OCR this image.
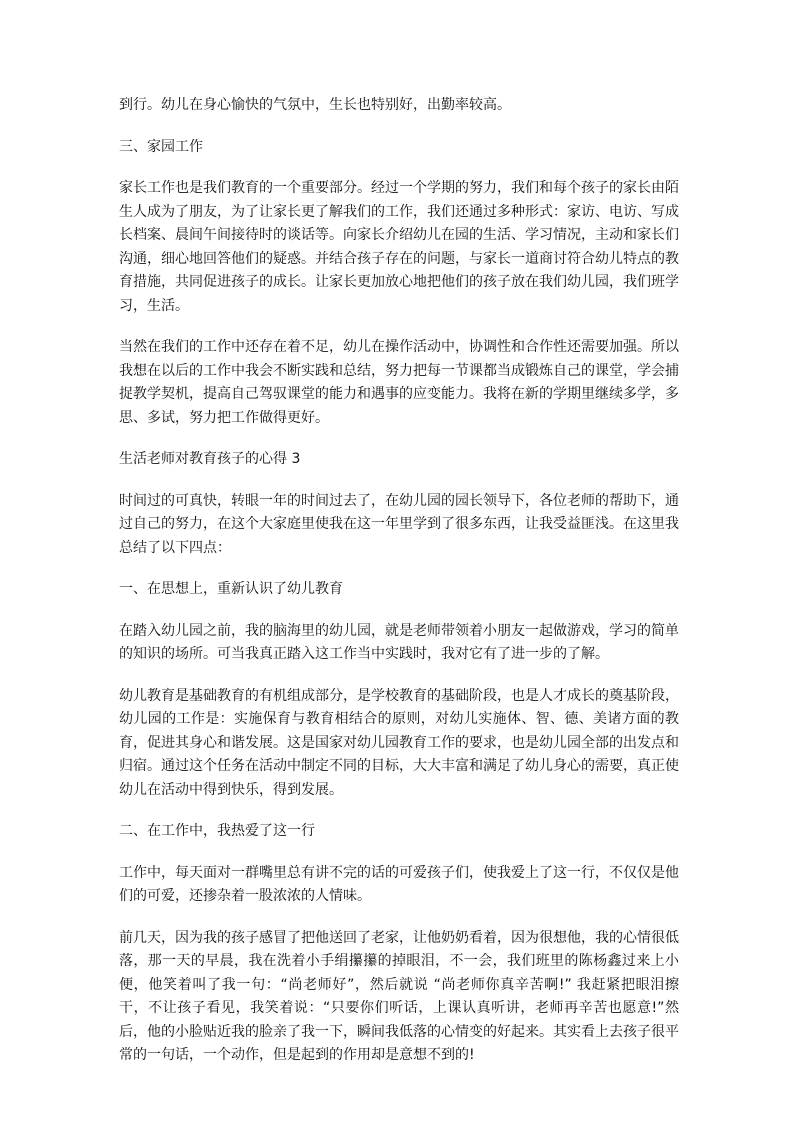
到行。幼儿在身心愉快的气氛中，生长也特别好，出勤率较高。

三、家园工作

家长工作也是我们教育的一个重要部分。经过一个学期的努力，我们和每个孩子的家长由陌生人成为了朋友，为了让家长更了解我们的工作，我们还通过多种形式：家访、电访、写成长档案、晨间午间接待时的谈话等。向家长介绍幼儿在园的生活、学习情况，主动和家长们沟通，细心地回答他们的疑惑。并结合孩子存在的问题，与家长一道商讨符合幼儿特点的教育措施，共同促进孩子的成长。让家长更加放心地把他们的孩子放在我们幼儿园，我们班学习，生活。

当然在我们的工作中还存在着不足，幼儿在操作活动中，协调性和合作性还需要加强。所以我想在以后的工作中我会不断实践和总结，努力把每一节课都当成锻炼自己的课堂，学会捕捉教学契机，提高自己驾驭课堂的能力和遇事的应变能力。我将在新的学期里继续多学，多思、多试，努力把工作做得更好。

生活老师对教育孩子的心得 3

时间过的可真快，转眼一年的时间过去了，在幼儿园的园长领导下，各位老师的帮助下，通过自己的努力，在这个大家庭里使我在这一年里学到了很多东西，让我受益匪浅。在这里我总结了以下四点：

一、在思想上，重新认识了幼儿教育

在踏入幼儿园之前，我的脑海里的幼儿园，就是老师带领着小朋友一起做游戏，学习的简单的知识的场所。可当我真正踏入这工作当中实践时，我对它有了进一步的了解。

幼儿教育是基础教育的有机组成部分，是学校教育的基础阶段，也是人才成长的奠基阶段，幼儿园的工作是：实施保育与教育相结合的原则，对幼儿实施体、智、德、美诸方面的教育，促进其身心和谐发展。这是国家对幼儿园教育工作的要求，也是幼儿园全部的出发点和归宿。通过这个任务在活动中制定不同的目标，大大丰富和满足了幼儿身心的需要，真正使幼儿在活动中得到快乐，得到发展。

二、在工作中，我热爱了这一行

工作中，每天面对一群嘴里总有讲不完的话的可爱孩子们，使我爱上了这一行，不仅仅是他们的可爱，还掺杂着一股浓浓的人情味。

前几天，因为我的孩子感冒了把他送回了老家，让他奶奶看着，因为很想他，我的心情很低落，那一天的早晨，我在洗着小手绢攥攥的掉眼泪，不一会，我们班里的陈杨鑫过来上小便，他笑着叫了我一句：“尚老师好”，然后就说 “尚老师你真辛苦啊!” 我赶紧把眼泪擦干，不让孩子看见，我笑着说：“只要你们听话，上课认真听讲，老师再辛苦也愿意!”然后，他的小脸贴近我的脸亲了我一下，瞬间我低落的心情变的好起来。其实看上去孩子很平常的一句话，一个动作，但是起到的作用却是意想不到的!
